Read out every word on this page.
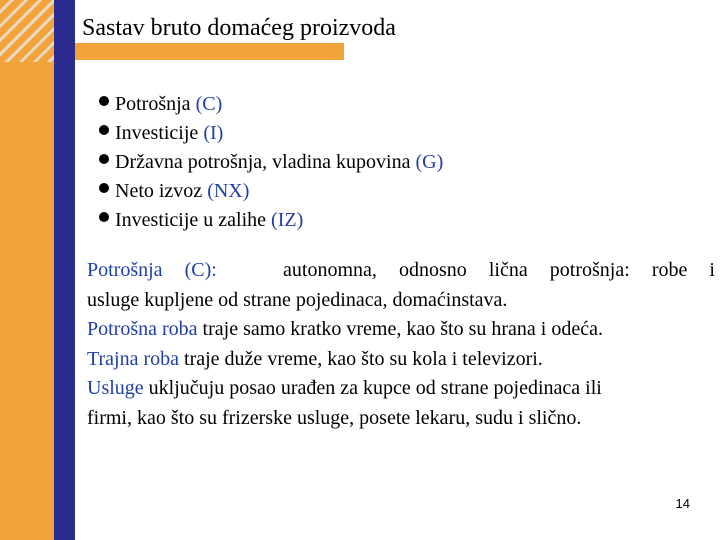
Sastav bruto domaćeg proizvoda
Potrošnja (C)
Investicije (I)
Državna potrošnja, vladina kupovina (G)
Neto izvoz (NX)
Investicije u zalihe (IZ)

Potrošnja (C):	autonomna, odnosno lična potrošnja: robe i

usluge kupljene od strane pojedinaca, domaćinstava.

Potrošna roba traje samo kratko vreme, kao što su hrana i odeća.

Trajna roba traje duže vreme, kao što su kola i televizori.

Usluge uključuju posao urađen za kupce od strane pojedinaca ili

firmi, kao što su frizerske usluge, posete lekaru, sudu i slično.

14
